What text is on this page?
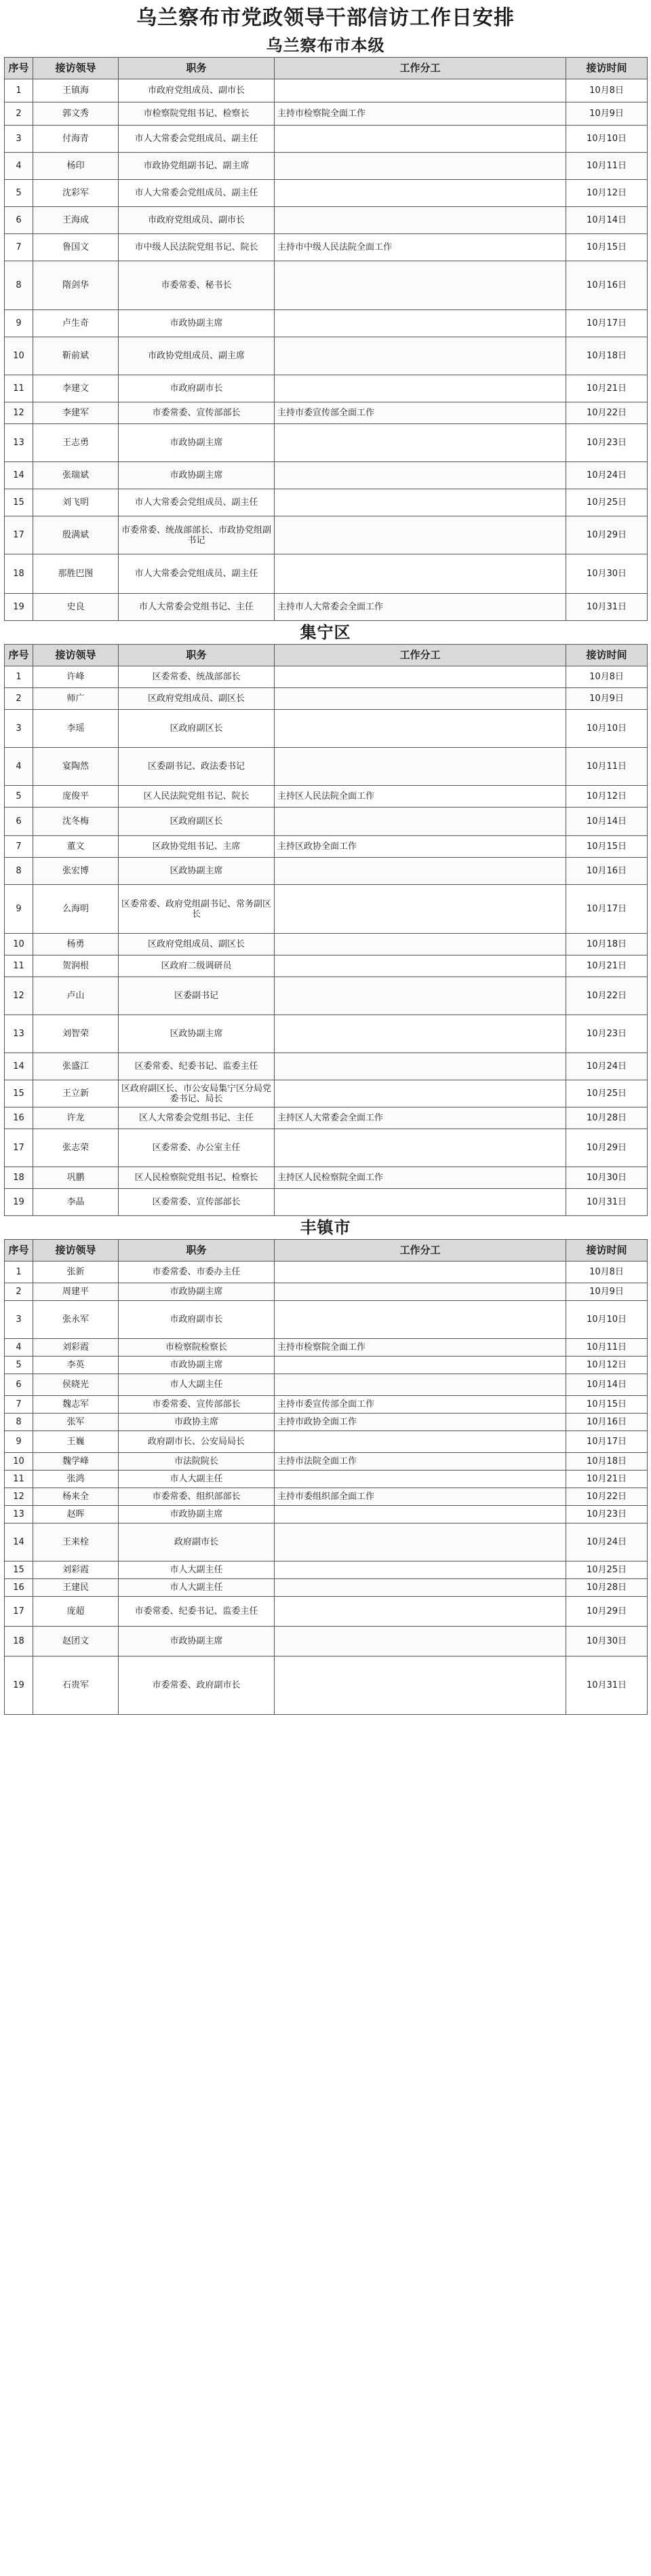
乌兰察布市党政领导干部信访工作日安排
乌兰察布市本级
序号	接访领导	职务	工作分工	接访时间
1	王镇海	市政府党组成员、副市长		10月8日
2	郭文秀	市检察院党组书记、检察长	主持市检察院全面工作	10月9日
3	付海青	市人大常委会党组成员、副主任		10月10日
4	杨印	市政协党组副书记、副主席		10月11日
5	沈彩军	市人大常委会党组成员、副主任		10月12日
6	王海成	市政府党组成员、副市长		10月14日
7	鲁国文	市中级人民法院党组书记、院长	主持市中级人民法院全面工作	10月15日
8	隋剑华	市委常委、秘书长		10月16日
9	卢生奇	市政协副主席		10月17日
10	靳前斌	市政协党组成员、副主席		10月18日
11	李建文	市政府副市长		10月21日
12	李建军	市委常委、宣传部部长	主持市委宣传部全面工作	10月22日
13	王志勇	市政协副主席		10月23日
14	张瑞斌	市政协副主席		10月24日
15	刘飞明	市人大常委会党组成员、副主任		10月25日
17	殷满斌	市委常委、统战部部长、市政协党组副书记		10月29日
18	那胜巴图	市人大常委会党组成员、副主任		10月30日
19	史良	市人大常委会党组书记、主任	主持市人大常委会全面工作	10月31日
集宁区
序号	接访领导	职务	工作分工	接访时间
1	许峰	区委常委、统战部部长		10月8日
2	师广	区政府党组成员、副区长		10月9日
3	李瑶	区政府副区长		10月10日
4	宴陶然	区委副书记、政法委书记		10月11日
5	庞俊平	区人民法院党组书记、院长	主持区人民法院全面工作	10月12日
6	沈冬梅	区政府副区长		10月14日
7	董文	区政协党组书记、主席	主持区政协全面工作	10月15日
8	张宏博	区政协副主席		10月16日
9	么海明	区委常委、政府党组副书记、常务副区长		10月17日
10	杨勇	区政府党组成员、副区长		10月18日
11	贺润根	区政府二级调研员		10月21日
12	卢山	区委副书记		10月22日
13	刘智荣	区政协副主席		10月23日
14	张盛江	区委常委、纪委书记、监委主任		10月24日
15	王立新	区政府副区长、市公安局集宁区分局党委书记、局长		10月25日
16	许龙	区人大常委会党组书记、主任	主持区人大常委会全面工作	10月28日
17	张志荣	区委常委、办公室主任		10月29日
18	巩鹏	区人民检察院党组书记、检察长	主持区人民检察院全面工作	10月30日
19	李晶	区委常委、宣传部部长		10月31日
丰镇市
序号	接访领导	职务	工作分工	接访时间
1	张新	市委常委、市委办主任		10月8日
2	周建平	市政协副主席		10月9日
3	张永军	市政府副市长		10月10日
4	刘彩霞	市检察院检察长	主持市检察院全面工作	10月11日
5	李英	市政协副主席		10月12日
6	侯晓光	市人大副主任		10月14日
7	魏志军	市委常委、宣传部部长	主持市委宣传部全面工作	10月15日
8	张军	市政协主席	主持市政协全面工作	10月16日
9	王巍	政府副市长、公安局局长		10月17日
10	魏学峰	市法院院长	主持市法院全面工作	10月18日
11	张鸿	市人大副主任		10月21日
12	杨来全	市委常委、组织部部长	主持市委组织部全面工作	10月22日
13	赵晖	市政协副主席		10月23日
14	王来栓	政府副市长		10月24日
15	刘彩霞	市人大副主任		10月25日
16	王建民	市人大副主任		10月28日
17	庞超	市委常委、纪委书记、监委主任		10月29日
18	赵团文	市政协副主席		10月30日
19	石贵军	市委常委、政府副市长		10月31日
